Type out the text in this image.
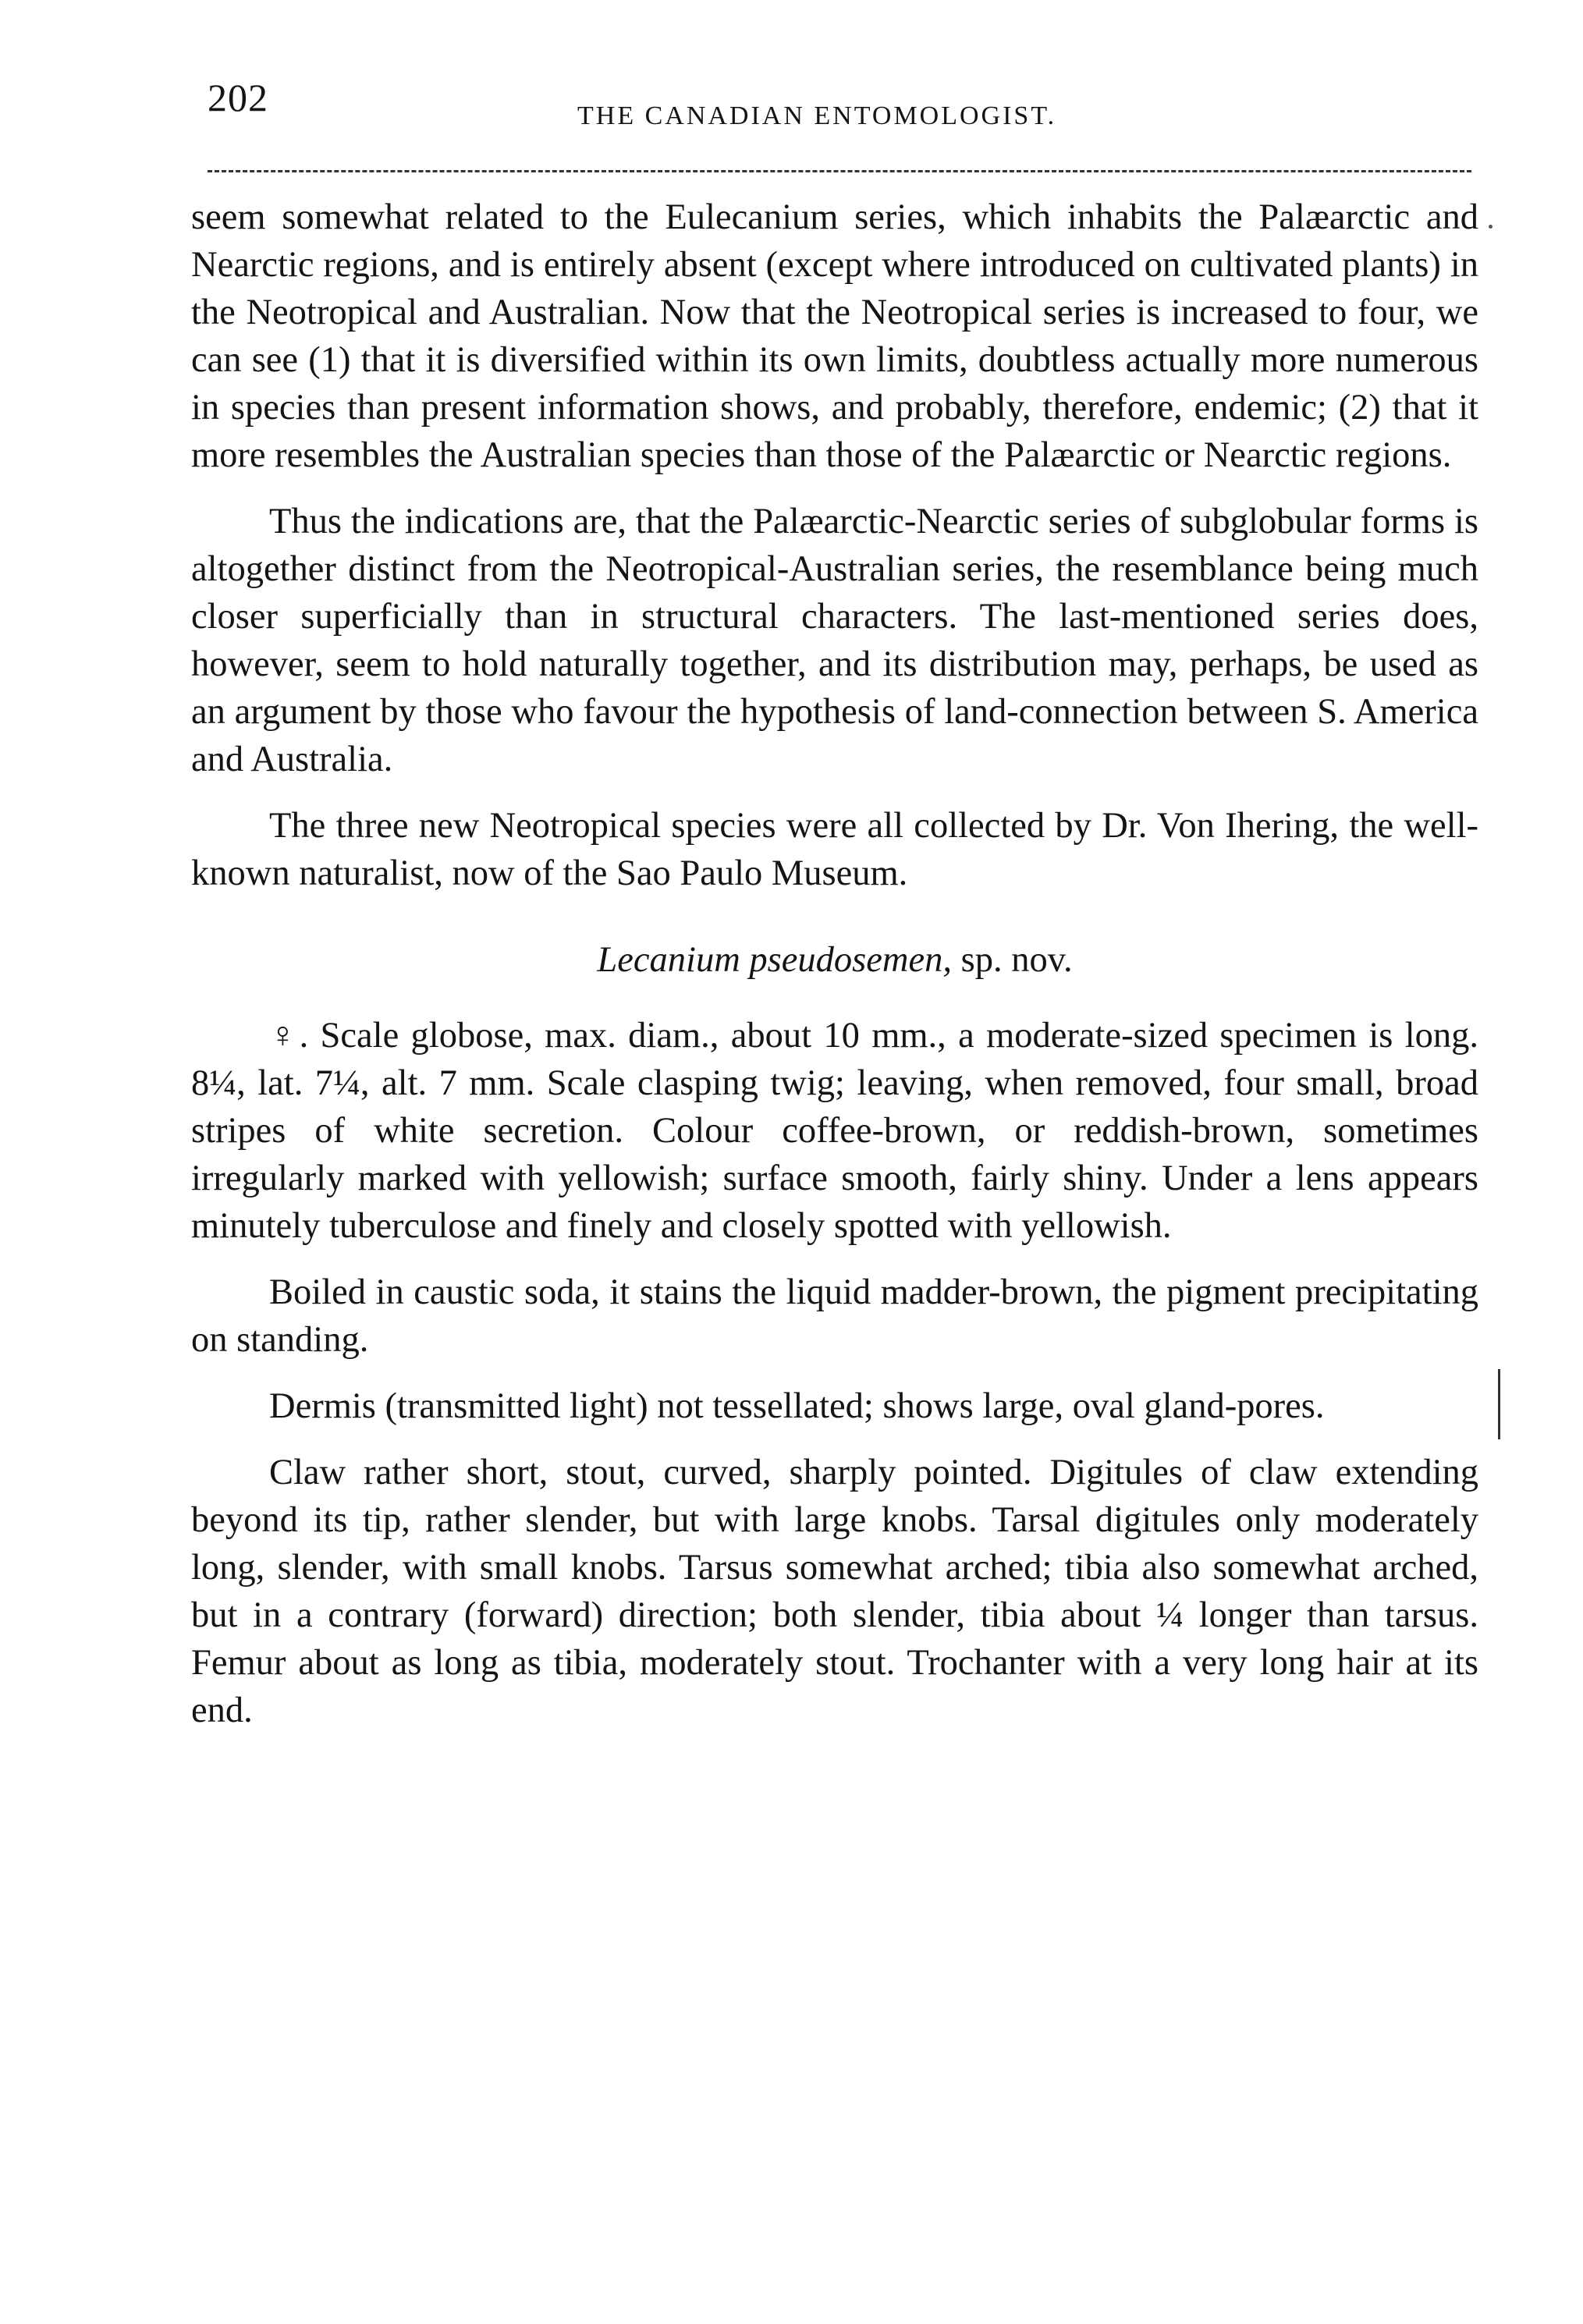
202	THE CANADIAN ENTOMOLOGIST.

seem somewhat related to the Eulecanium series, which inhabits the Palæarctic and Nearctic regions, and is entirely absent (except where introduced on cultivated plants) in the Neotropical and Australian. Now that the Neotropical series is increased to four, we can see (1) that it is diversified within its own limits, doubtless actually more numerous in species than present information shows, and probably, therefore, endemic; (2) that it more resembles the Australian species than those of the Palæarctic or Nearctic regions.

Thus the indications are, that the Palæarctic-Nearctic series of subglobular forms is altogether distinct from the Neotropical-Australian series, the resemblance being much closer superficially than in structural characters. The last-mentioned series does, however, seem to hold naturally together, and its distribution may, perhaps, be used as an argument by those who favour the hypothesis of land-connection between S. America and Australia.

The three new Neotropical species were all collected by Dr. Von Ihering, the well-known naturalist, now of the Sao Paulo Museum.

Lecanium pseudosemen, sp. nov.

♀. Scale globose, max. diam., about 10 mm., a moderate-sized specimen is long. 8¼, lat. 7¼, alt. 7 mm. Scale clasping twig; leaving, when removed, four small, broad stripes of white secretion. Colour coffee-brown, or reddish-brown, sometimes irregularly marked with yellowish; surface smooth, fairly shiny. Under a lens appears minutely tuberculose and finely and closely spotted with yellowish.

Boiled in caustic soda, it stains the liquid madder-brown, the pigment precipitating on standing.

Dermis (transmitted light) not tessellated; shows large, oval gland-pores.

Claw rather short, stout, curved, sharply pointed. Digitules of claw extending beyond its tip, rather slender, but with large knobs. Tarsal digitules only moderately long, slender, with small knobs. Tarsus somewhat arched; tibia also somewhat arched, but in a contrary (forward) direction; both slender, tibia about ¼ longer than tarsus. Femur about as long as tibia, moderately stout. Trochanter with a very long hair at its end.
